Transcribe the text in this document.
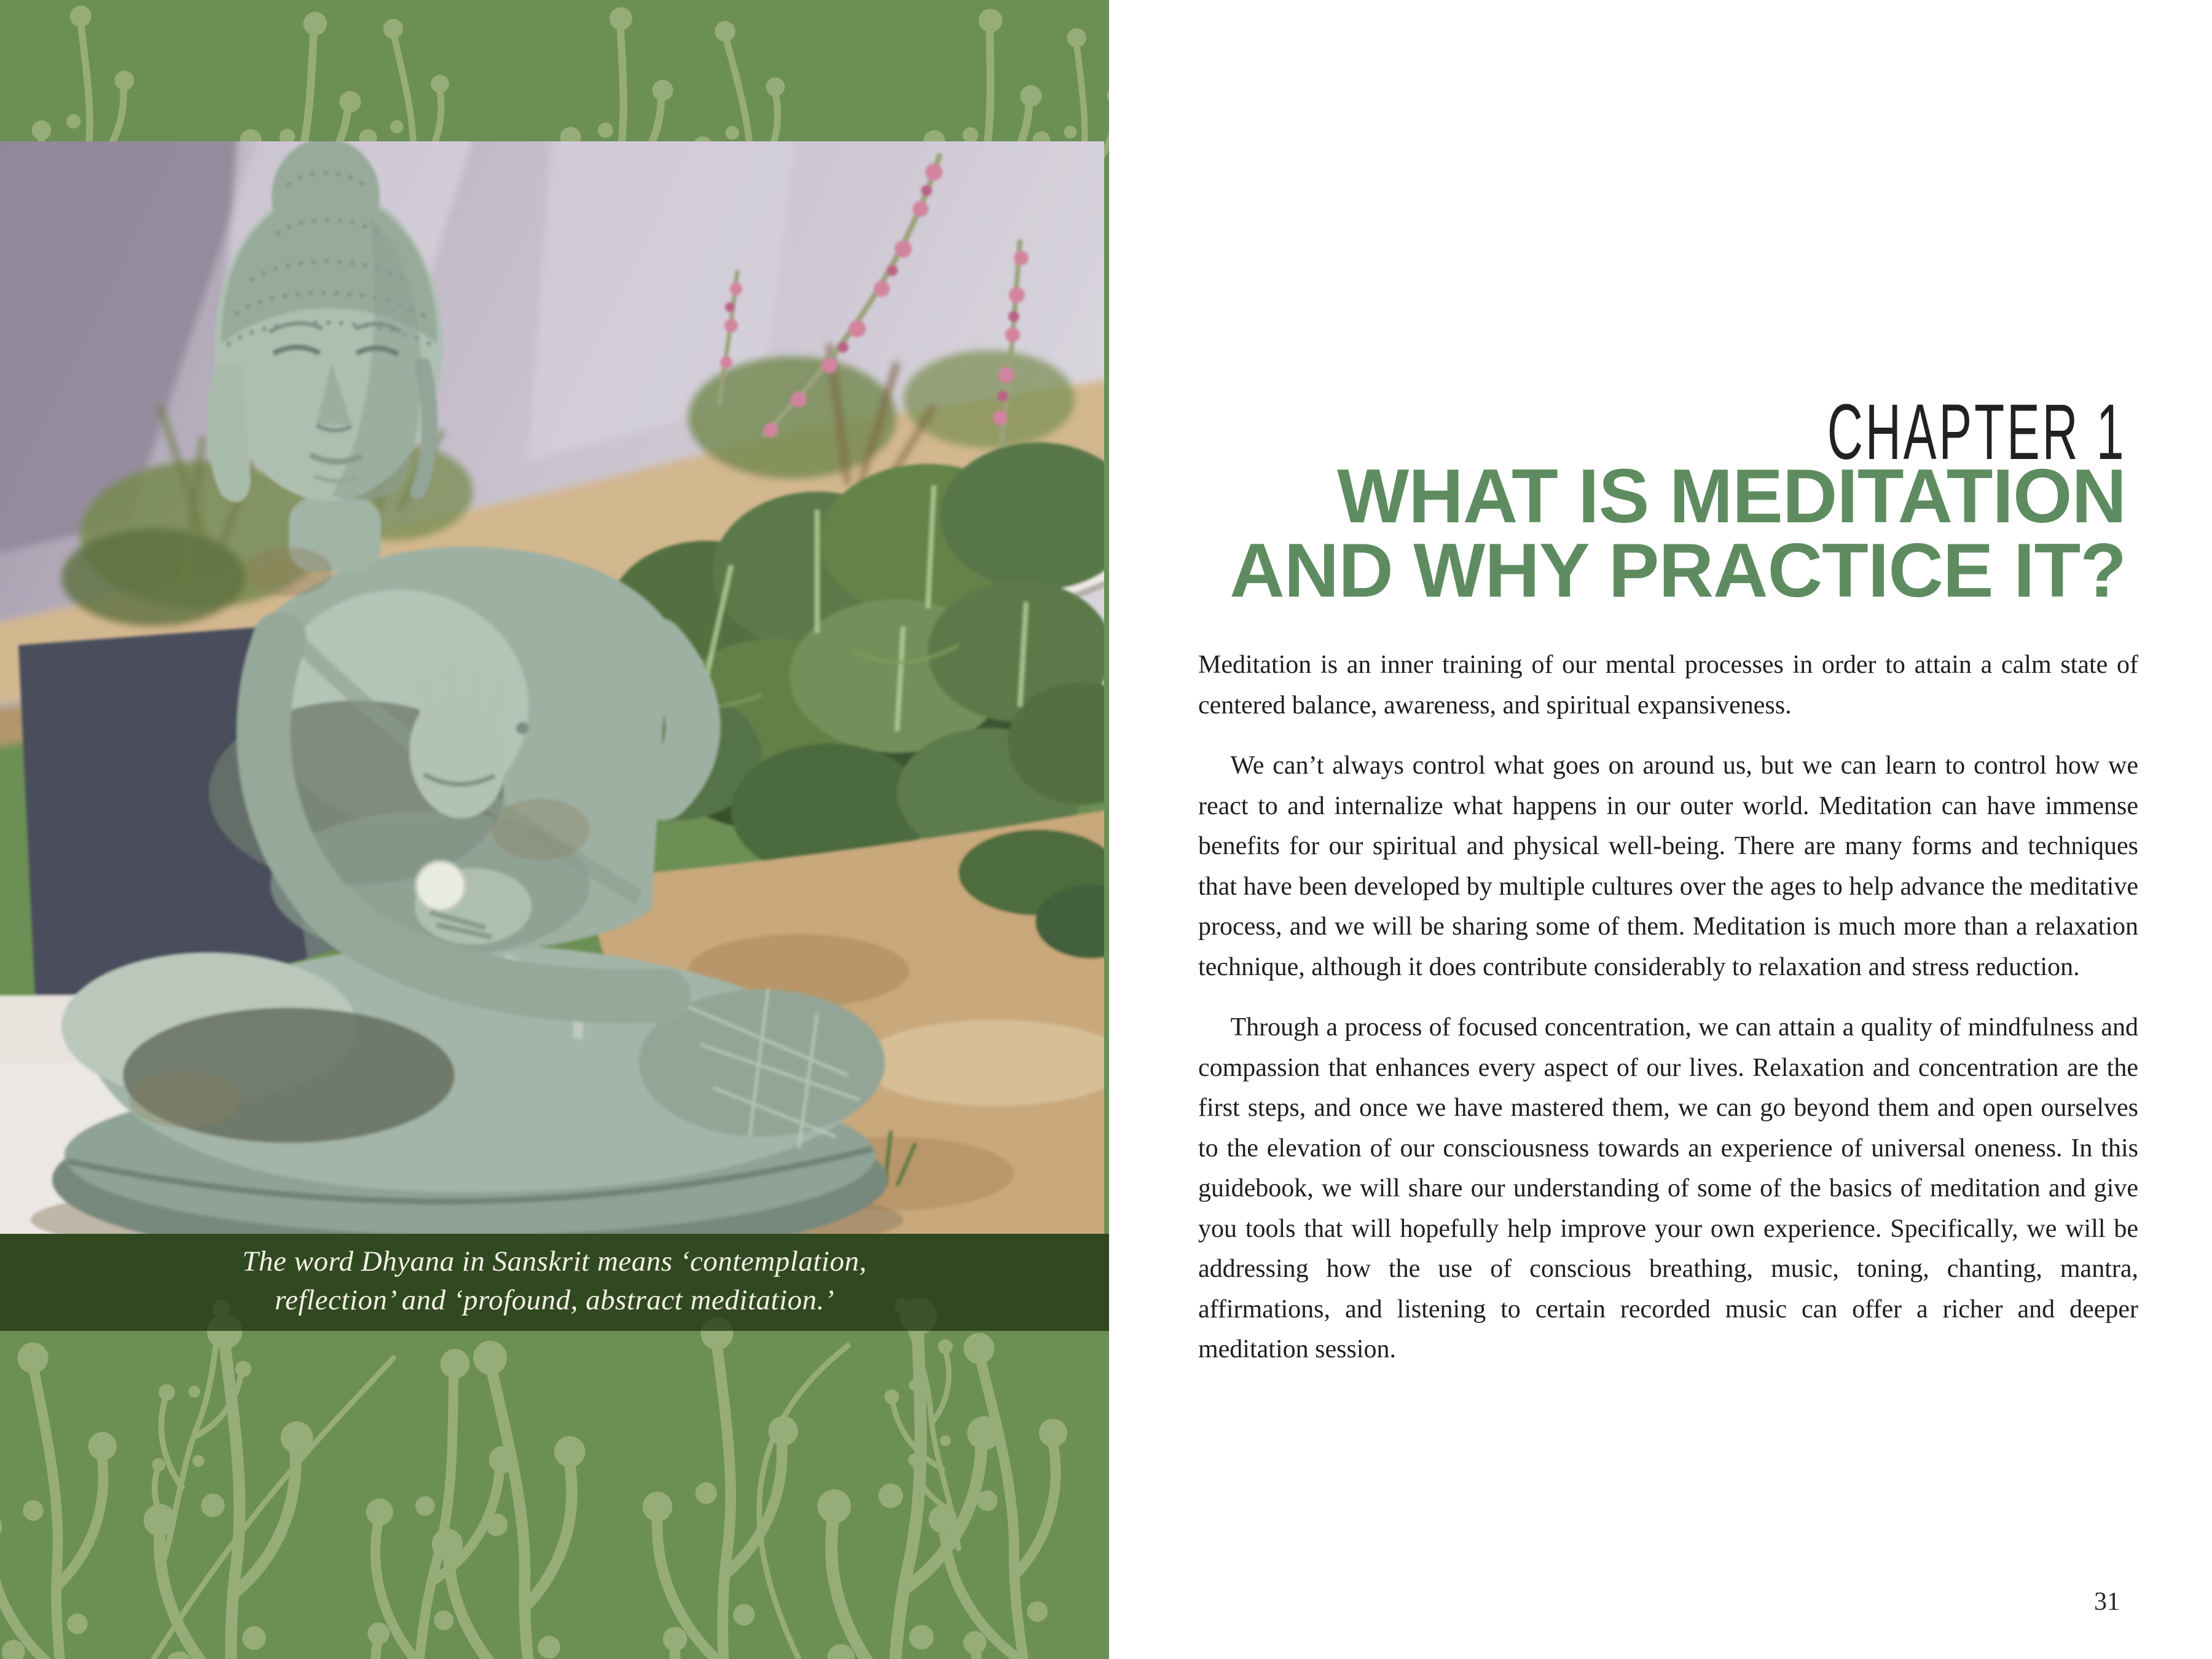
The word Dhyana in Sanskrit means ‘contemplation,
reflection’ and ‘profound, abstract meditation.’
CHAPTER 1
WHAT IS MEDITATION
AND WHY PRACTICE IT?

Meditation is an inner training of our mental processes in order to attain a calm state of centered balance, awareness, and spiritual expansiveness.

We can’t always control what goes on around us, but we can learn to control how we react to and internalize what happens in our outer world. Meditation can have immense benefits for our spiritual and physical well-being. There are many forms and techniques that have been developed by multiple cultures over the ages to help advance the meditative process, and we will be sharing some of them. Meditation is much more than a relaxation technique, although it does contribute considerably to relaxation and stress reduction.

Through a process of focused concentration, we can attain a quality of mindfulness and compassion that enhances every aspect of our lives. Relaxation and concentration are the first steps, and once we have mastered them, we can go beyond them and open ourselves to the elevation of our consciousness towards an experience of universal oneness. In this guidebook, we will share our understanding of some of the basics of meditation and give you tools that will hopefully help improve your own experience. Specifically, we will be addressing how the use of conscious breathing, music, toning, chanting, mantra, affirmations, and listening to certain recorded music can offer a richer and deeper meditation session.

31
